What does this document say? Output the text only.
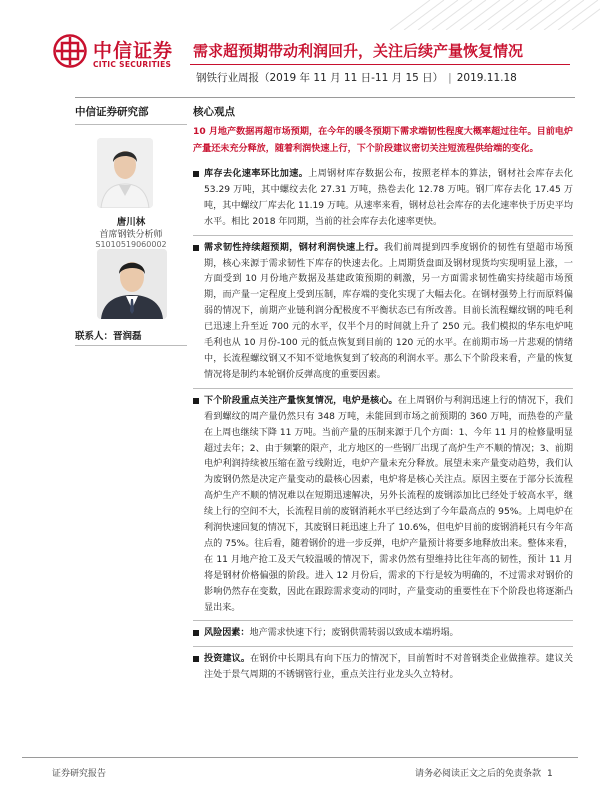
中信证券
CITIC SECURITIES
需求超预期带动利润回升，关注后续产量恢复情况
钢铁行业周报（2019 年 11 月 11 日-11 月 15 日） | 2019.11.18
中信证券研究部
唐川林
首席钢铁分析师
S1010519060002
联系人：晋润磊
核心观点

10 月地产数据再超市场预期，在今年的暖冬预期下需求端韧性程度大概率超过往年。目前电炉产量还未充分释放，随着利润快速上行，下个阶段建议密切关注短流程供给端的变化。

库存去化速率环比加速。上周钢材库存数据公布，按照老样本的算法，钢材社会库存去化 53.29 万吨，其中螺纹去化 27.31 万吨，热卷去化 12.78 万吨。钢厂库存去化 17.45 万吨，其中螺纹厂库去化 11.19 万吨。从速率来看，钢材总社会库存的去化速率快于历史平均水平。相比 2018 年同期，当前的社会库存去化速率更快。
需求韧性持续超预期，钢材利润快速上行。我们前周提到四季度钢价的韧性有望超市场预期，核心来源于需求韧性下库存的快速去化。上周期货盘面及钢材现货均实现明显上涨，一方面受到 10 月份地产数据及基建政策预期的刺激，另一方面需求韧性确实持续超市场预期，而产量一定程度上受到压制，库存端的变化实现了大幅去化。在钢材强势上行而原料偏弱的情况下，前期产业链利润分配极度不平衡状态已有所改善。目前长流程螺纹钢的吨毛利已迅速上升至近 700 元的水平，仅半个月的时间就上升了 250 元。我们模拟的华东电炉吨毛利也从 10 月份-100 元的低点恢复到目前的 120 元的水平。在前期市场一片悲观的情绪中，长流程螺纹钢又不知不觉地恢复到了较高的利润水平。那么下个阶段来看，产量的恢复情况将是制约本轮钢价反弹高度的重要因素。
下个阶段重点关注产量恢复情况，电炉是核心。在上周钢价与利润迅速上行的情况下，我们看到螺纹的周产量仍然只有 348 万吨，未能回到市场之前预期的 360 万吨，而热卷的产量在上周也继续下降 11 万吨。当前产量的压制来源于几个方面：1、今年 11 月的检修量明显超过去年；2、由于频繁的限产，北方地区的一些钢厂出现了高炉生产不顺的情况；3、前期电炉利润持续被压缩在盈亏线附近，电炉产量未充分释放。展望未来产量变动趋势，我们认为废钢仍然是决定产量变动的最核心因素，电炉将是核心关注点。原因主要在于部分长流程高炉生产不顺的情况难以在短期迅速解决，另外长流程的废钢添加比已经处于较高水平，继续上行的空间不大，长流程目前的废钢消耗水平已经达到了今年最高点的 95%。上周电炉在利润快速回复的情况下，其废钢日耗迅速上升了 10.6%，但电炉目前的废钢消耗只有今年高点的 75%。往后看，随着钢价的进一步反弹，电炉产量预计将要多地释放出来。整体来看，在 11 月地产抢工及天气较温暖的情况下，需求仍然有望维持比往年高的韧性，预计 11 月将是钢材价格偏强的阶段。进入 12 月份后，需求的下行是较为明确的，不过需求对钢价的影响仍然存在变数，因此在跟踪需求变动的同时，产量变动的重要性在下个阶段也将逐渐凸显出来。
风险因素：地产需求快速下行；废钢供需转弱以致成本端坍塌。
投资建议。在钢价中长期具有向下压力的情况下，目前暂时不对普钢类企业做推荐。建议关注处于景气周期的不锈钢管行业，重点关注行业龙头久立特材。
证券研究报告	请务必阅读正文之后的免责条款 1
